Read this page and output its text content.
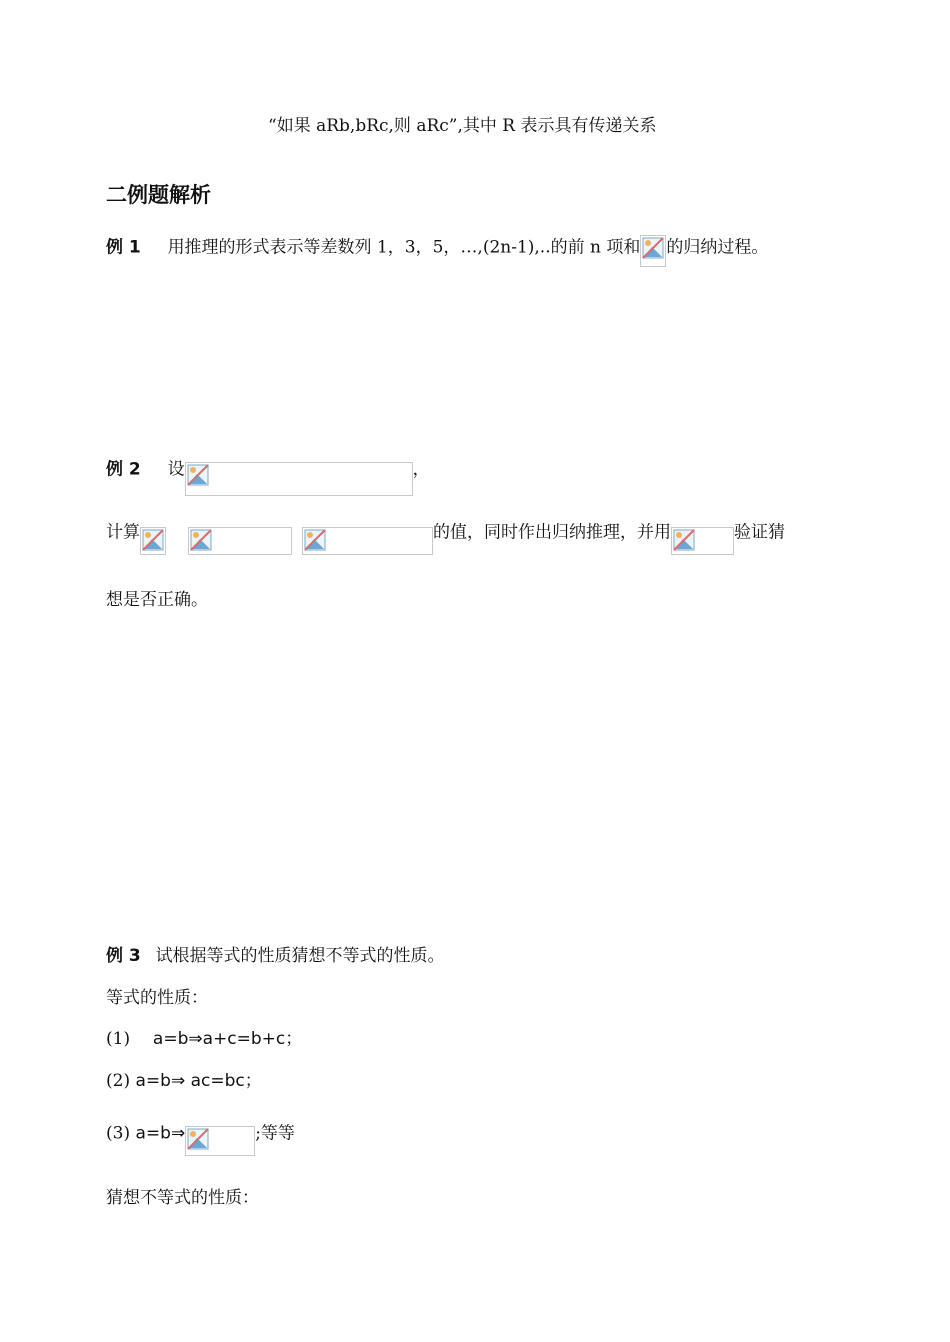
“如果 aRb,bRc,则 aRc”,其中 R 表示具有传递关系
二例题解析
例 1 用推理的形式表示等差数列 1，3，5，…,(2n-1),..的前 n 项和 的归纳过程。
例 2 设	，
计算	的值，同时作出归纳推理，并用	验证猜
想是否正确。
例 3 试根据等式的性质猜想不等式的性质。
等式的性质：
(1) a=b⇒a+c=b+c；
(2) a=b⇒ ac=bc；
(3) a=b⇒	;等等
猜想不等式的性质：
